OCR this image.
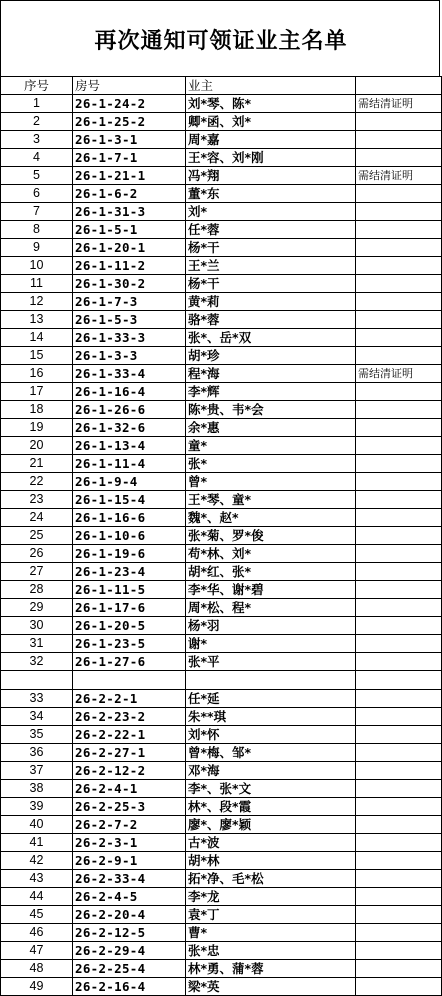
再次通知可领证业主名单
序号	房号	业主	
1	26-1-24-2	刘*琴、陈*	需结清证明
2	26-1-25-2	卿*函、刘*	
3	26-1-3-1	周*嘉	
4	26-1-7-1	王*容、刘*刚	
5	26-1-21-1	冯*翔	需结清证明
6	26-1-6-2	董*东	
7	26-1-31-3	刘*	
8	26-1-5-1	任*蓉	
9	26-1-20-1	杨*干	
10	26-1-11-2	王*兰	
11	26-1-30-2	杨*干	
12	26-1-7-3	黄*莉	
13	26-1-5-3	骆*蓉	
14	26-1-33-3	张*、岳*双	
15	26-1-3-3	胡*珍	
16	26-1-33-4	程*海	需结清证明
17	26-1-16-4	李*辉	
18	26-1-26-6	陈*贵、韦*会	
19	26-1-32-6	余*惠	
20	26-1-13-4	童*	
21	26-1-11-4	张*	
22	26-1-9-4	曾*	
23	26-1-15-4	王*琴、童*	
24	26-1-16-6	魏*、赵*	
25	26-1-10-6	张*菊、罗*俊	
26	26-1-19-6	苟*林、刘*	
27	26-1-23-4	胡*红、张*	
28	26-1-11-5	李*华、谢*碧	
29	26-1-17-6	周*松、程*	
30	26-1-20-5	杨*羽	
31	26-1-23-5	谢*	
32	26-1-27-6	张*平	

33	26-2-2-1	任*延	
34	26-2-23-2	朱**琪	
35	26-2-22-1	刘*怀	
36	26-2-27-1	曾*梅、邹*	
37	26-2-12-2	邓*海	
38	26-2-4-1	李*、张*文	
39	26-2-25-3	林*、段*霞	
40	26-2-7-2	廖*、廖*颖	
41	26-2-3-1	古*波	
42	26-2-9-1	胡*林	
43	26-2-33-4	拓*净、毛*松	
44	26-2-4-5	李*龙	
45	26-2-20-4	袁*丁	
46	26-2-12-5	曹*	
47	26-2-29-4	张*忠	
48	26-2-25-4	林*勇、蒲*蓉	
49	26-2-16-4	梁*英	
